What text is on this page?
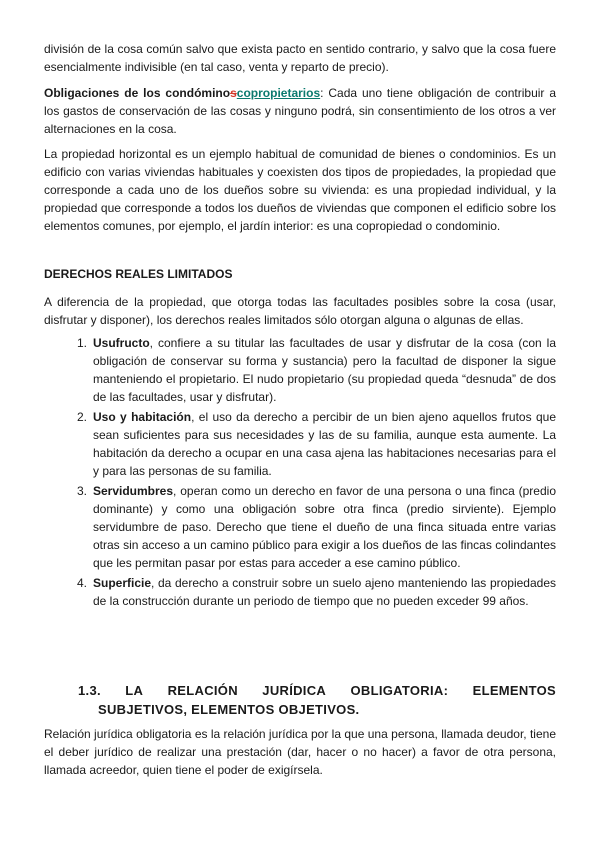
división de la cosa común salvo que exista pacto en sentido contrario, y salvo que la cosa fuere esencialmente indivisible (en tal caso, venta y reparto de precio).

Obligaciones de los condóminoscopropietarios: Cada uno tiene obligación de contribuir a los gastos de conservación de las cosas y ninguno podrá, sin consentimiento de los otros a ver alternaciones en la cosa.

La propiedad horizontal es un ejemplo habitual de comunidad de bienes o condominios. Es un edificio con varias viviendas habituales y coexisten dos tipos de propiedades, la propiedad que corresponde a cada uno de los dueños sobre su vivienda: es una propiedad individual, y la propiedad que corresponde a todos los dueños de viviendas que componen el edificio sobre los elementos comunes, por ejemplo, el jardín interior: es una copropiedad o condominio.

DERECHOS REALES LIMITADOS

A diferencia de la propiedad, que otorga todas las facultades posibles sobre la cosa (usar, disfrutar y disponer), los derechos reales limitados sólo otorgan alguna o algunas de ellas.

1. Usufructo, confiere a su titular las facultades de usar y disfrutar de la cosa (con la obligación de conservar su forma y sustancia) pero la facultad de disponer la sigue manteniendo el propietario. El nudo propietario (su propiedad queda “desnuda” de dos de las facultades, usar y disfrutar).
2. Uso y habitación, el uso da derecho a percibir de un bien ajeno aquellos frutos que sean suficientes para sus necesidades y las de su familia, aunque esta aumente. La habitación da derecho a ocupar en una casa ajena las habitaciones necesarias para el y para las personas de su familia.
3. Servidumbres, operan como un derecho en favor de una persona o una finca (predio dominante) y como una obligación sobre otra finca (predio sirviente). Ejemplo servidumbre de paso. Derecho que tiene el dueño de una finca situada entre varias otras sin acceso a un camino público para exigir a los dueños de las fincas colindantes que les permitan pasar por estas para acceder a ese camino público.
4. Superficie, da derecho a construir sobre un suelo ajeno manteniendo las propiedades de la construcción durante un periodo de tiempo que no pueden exceder 99 años.
1.3. LA RELACIÓN JURÍDICA OBLIGATORIA: ELEMENTOS
SUBJETIVOS, ELEMENTOS OBJETIVOS.

Relación jurídica obligatoria es la relación jurídica por la que una persona, llamada deudor, tiene el deber jurídico de realizar una prestación (dar, hacer o no hacer) a favor de otra persona, llamada acreedor, quien tiene el poder de exigírsela.
